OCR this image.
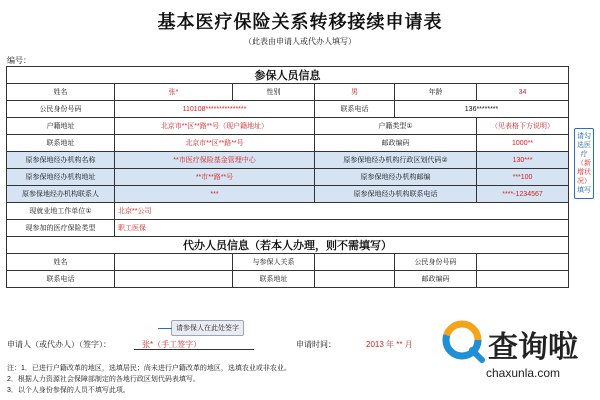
基本医疗保险关系转移接续申请表
（此表由申请人或代办人填写）
编号：
参保人员信息					
姓名	张*	性别	男	年龄	34
公民身份号码	110108***************		联系电话	136********	
户籍地址	北京市**区**路**号（现户籍地址）		户籍类型①		（见表格下方说明）
联系地址	北京市**区**路**号		邮政编码		1000**
原参保地经办机构名称	**市医疗保险基金管理中心		原参保地经办机构行政区划代码②		130***
原参保地经办机构地址	**市**路**号		原参保地经办机构邮编		***100
原参保地经办机构联系人	***		原参保地经办机构联系电话		****-1234567
现就业地工作单位①	北京**公司				
现参加的医疗保险类型	职工医保				
代办人员信息（若本人办理，则不需填写）					
姓名		与参保人关系		公民身份号码	
联系电话		联系地址		邮政编码	
请勾选医疗
（新增状况）
填写
请参保人在此处签字
申请人（或代办人）（签字）：	张*（手工签字）	申请时间：	2013 年 ** 月
注：1．已进行户籍改革的地区，选填居民；尚未进行户籍改革的地区，选填农业或非农业。
2．根据人力资源社会保障部制定的各地行政区划代码表填写。
3．以个人身份参保的人员不填写此项。
查询啦
chaxunla.com
